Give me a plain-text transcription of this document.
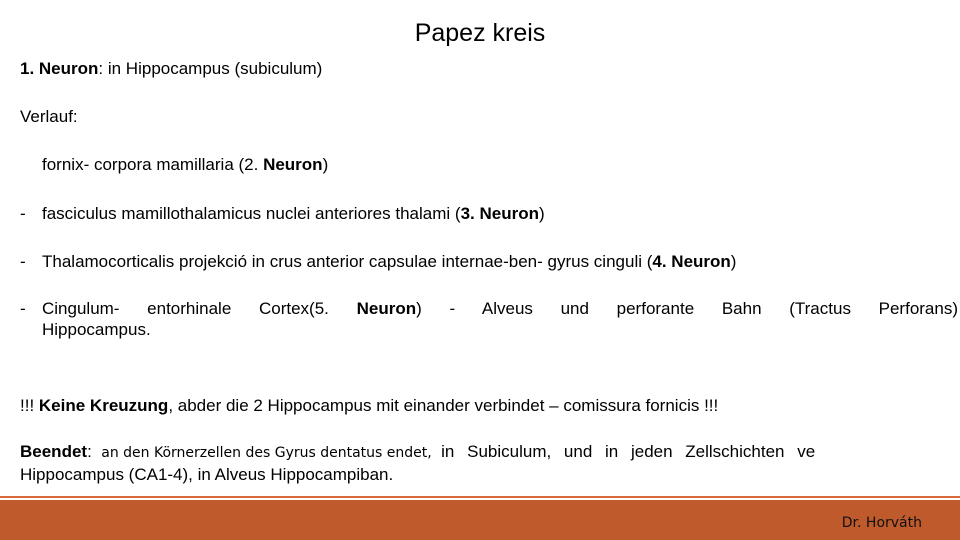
Papez kreis
1. Neuron: in Hippocampus (subiculum)
Verlauf:
fornix- corpora mamillaria (2. Neuron)
- fasciculus mamillothalamicus nuclei anteriores thalami (3. Neuron)
- Thalamocorticalis projekció in crus anterior capsulae internae-ben- gyrus cinguli (4. Neuron)
- Cingulum- entorhinale Cortex(5. Neuron) - Alveus und perforante Bahn (Tractus Perforans)
Hippocampus.
!!! Keine Kreuzung, abder die 2 Hippocampus mit einander verbindet – comissura fornicis !!!
Beendet: an den Körnerzellen des Gyrus dentatus endet, in Subiculum, und in jeden Zellschichten ve
Hippocampus (CA1-4), in Alveus Hippocampiban.
Dr. Horváth
